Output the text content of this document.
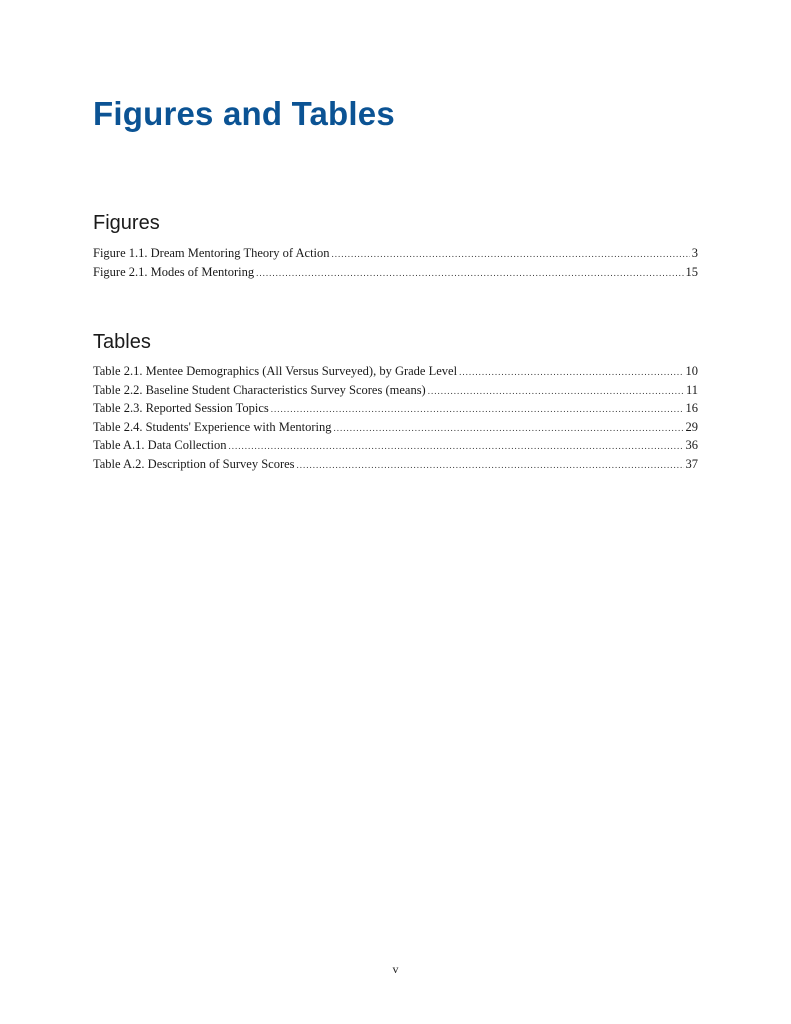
Figures and Tables
Figures
Figure 1.1. Dream Mentoring Theory of Action .....	3
Figure 2.1. Modes of Mentoring .....	15
Tables
Table 2.1. Mentee Demographics (All Versus Surveyed), by Grade Level .....	10
Table 2.2. Baseline Student Characteristics Survey Scores (means) .....	11
Table 2.3. Reported Session Topics .....	16
Table 2.4. Students' Experience with Mentoring .....	29
Table A.1. Data Collection .....	36
Table A.2. Description of Survey Scores .....	37
v
